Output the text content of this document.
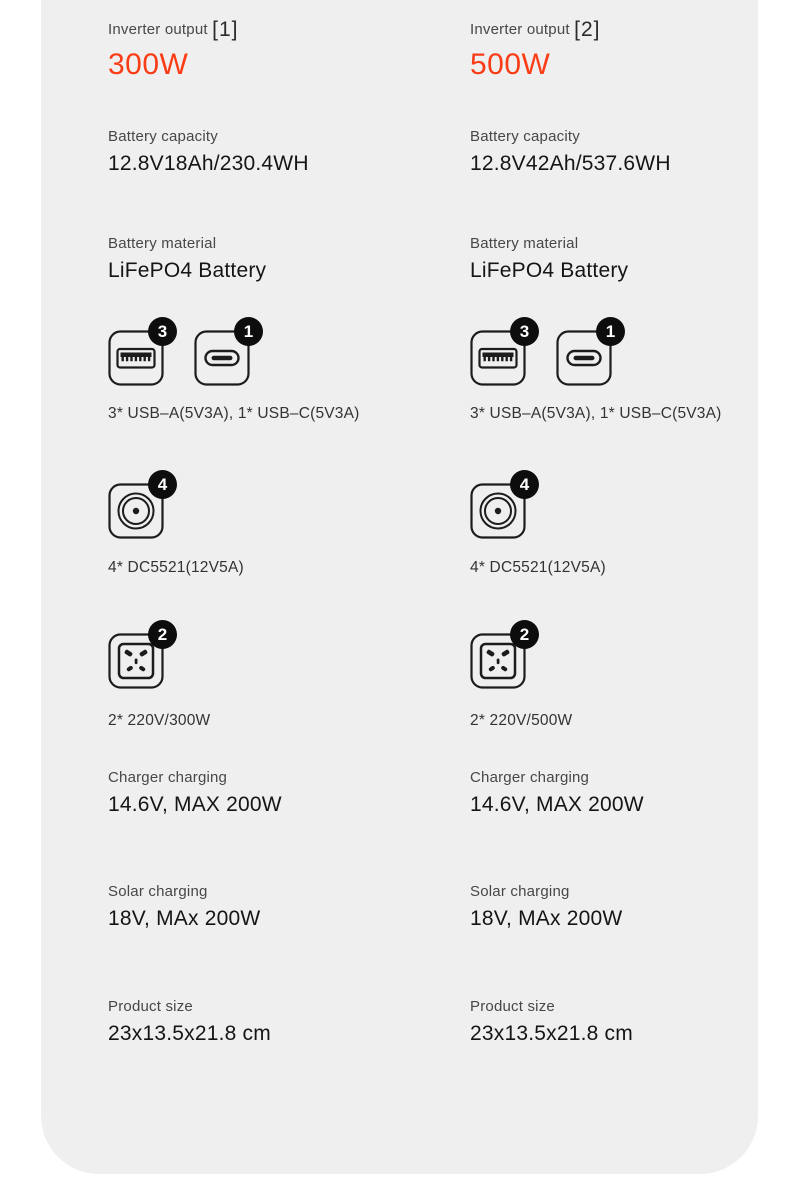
Inverter output [1]
300W
Battery capacity
12.8V18Ah/230.4WH
Battery material
LiFePO4 Battery
3	1
3* USB–A(5V3A), 1* USB–C(5V3A)
4
4* DC5521(12V5A)
2
2* 220V/300W
Charger charging
14.6V, MAX 200W
Solar charging
18V, MAx 200W
Product size
23x13.5x21.8 cm
Inverter output [2]
500W
Battery capacity
12.8V42Ah/537.6WH
Battery material
LiFePO4 Battery
3	1
3* USB–A(5V3A), 1* USB–C(5V3A)
4
4* DC5521(12V5A)
2
2* 220V/500W
Charger charging
14.6V, MAX 200W
Solar charging
18V, MAx 200W
Product size
23x13.5x21.8 cm
